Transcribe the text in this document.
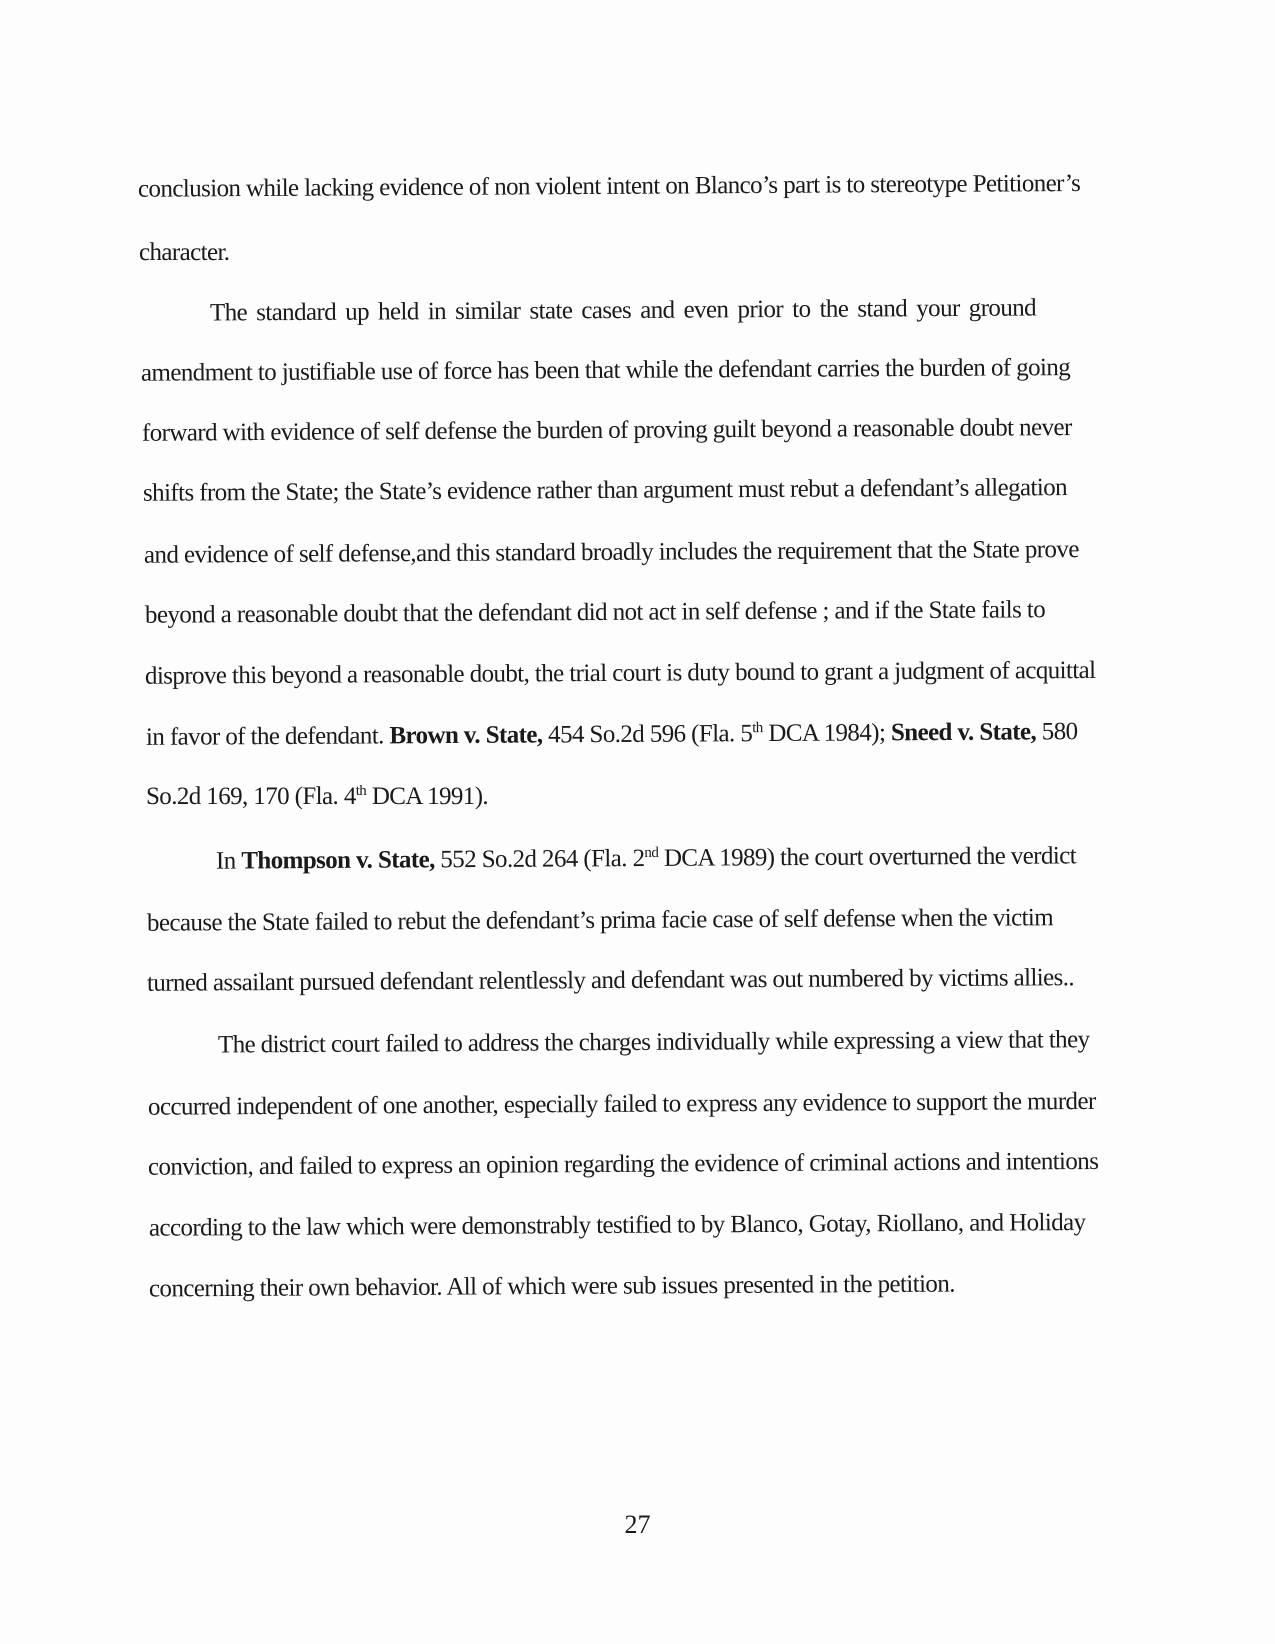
conclusion while lacking evidence of non violent intent on Blanco’s part is to stereotype Petitioner’s
character.
The standard up held in similar state cases and even prior to the stand your ground
amendment to justifiable use of force has been that while the defendant carries the burden of going
forward with evidence of self defense the burden of proving guilt beyond a reasonable doubt never
shifts from the State; the State’s evidence rather than argument must rebut a defendant’s allegation
and evidence of self defense,and this standard broadly includes the requirement that the State prove
beyond a reasonable doubt that the defendant did not act in self defense ; and if the State fails to
disprove this beyond a reasonable doubt, the trial court is duty bound to grant a judgment of acquittal
in favor of the defendant. Brown v. State, 454 So.2d 596 (Fla. 5th DCA 1984); Sneed v. State, 580
So.2d 169, 170 (Fla. 4th DCA 1991).
In Thompson v. State, 552 So.2d 264 (Fla. 2nd DCA 1989) the court overturned the verdict
because the State failed to rebut the defendant’s prima facie case of self defense when the victim
turned assailant pursued defendant relentlessly and defendant was out numbered by victims allies..
The district court failed to address the charges individually while expressing a view that they
occurred independent of one another, especially failed to express any evidence to support the murder
conviction, and failed to express an opinion regarding the evidence of criminal actions and intentions
according to the law which were demonstrably testified to by Blanco, Gotay, Riollano, and Holiday
concerning their own behavior. All of which were sub issues presented in the petition.
27
